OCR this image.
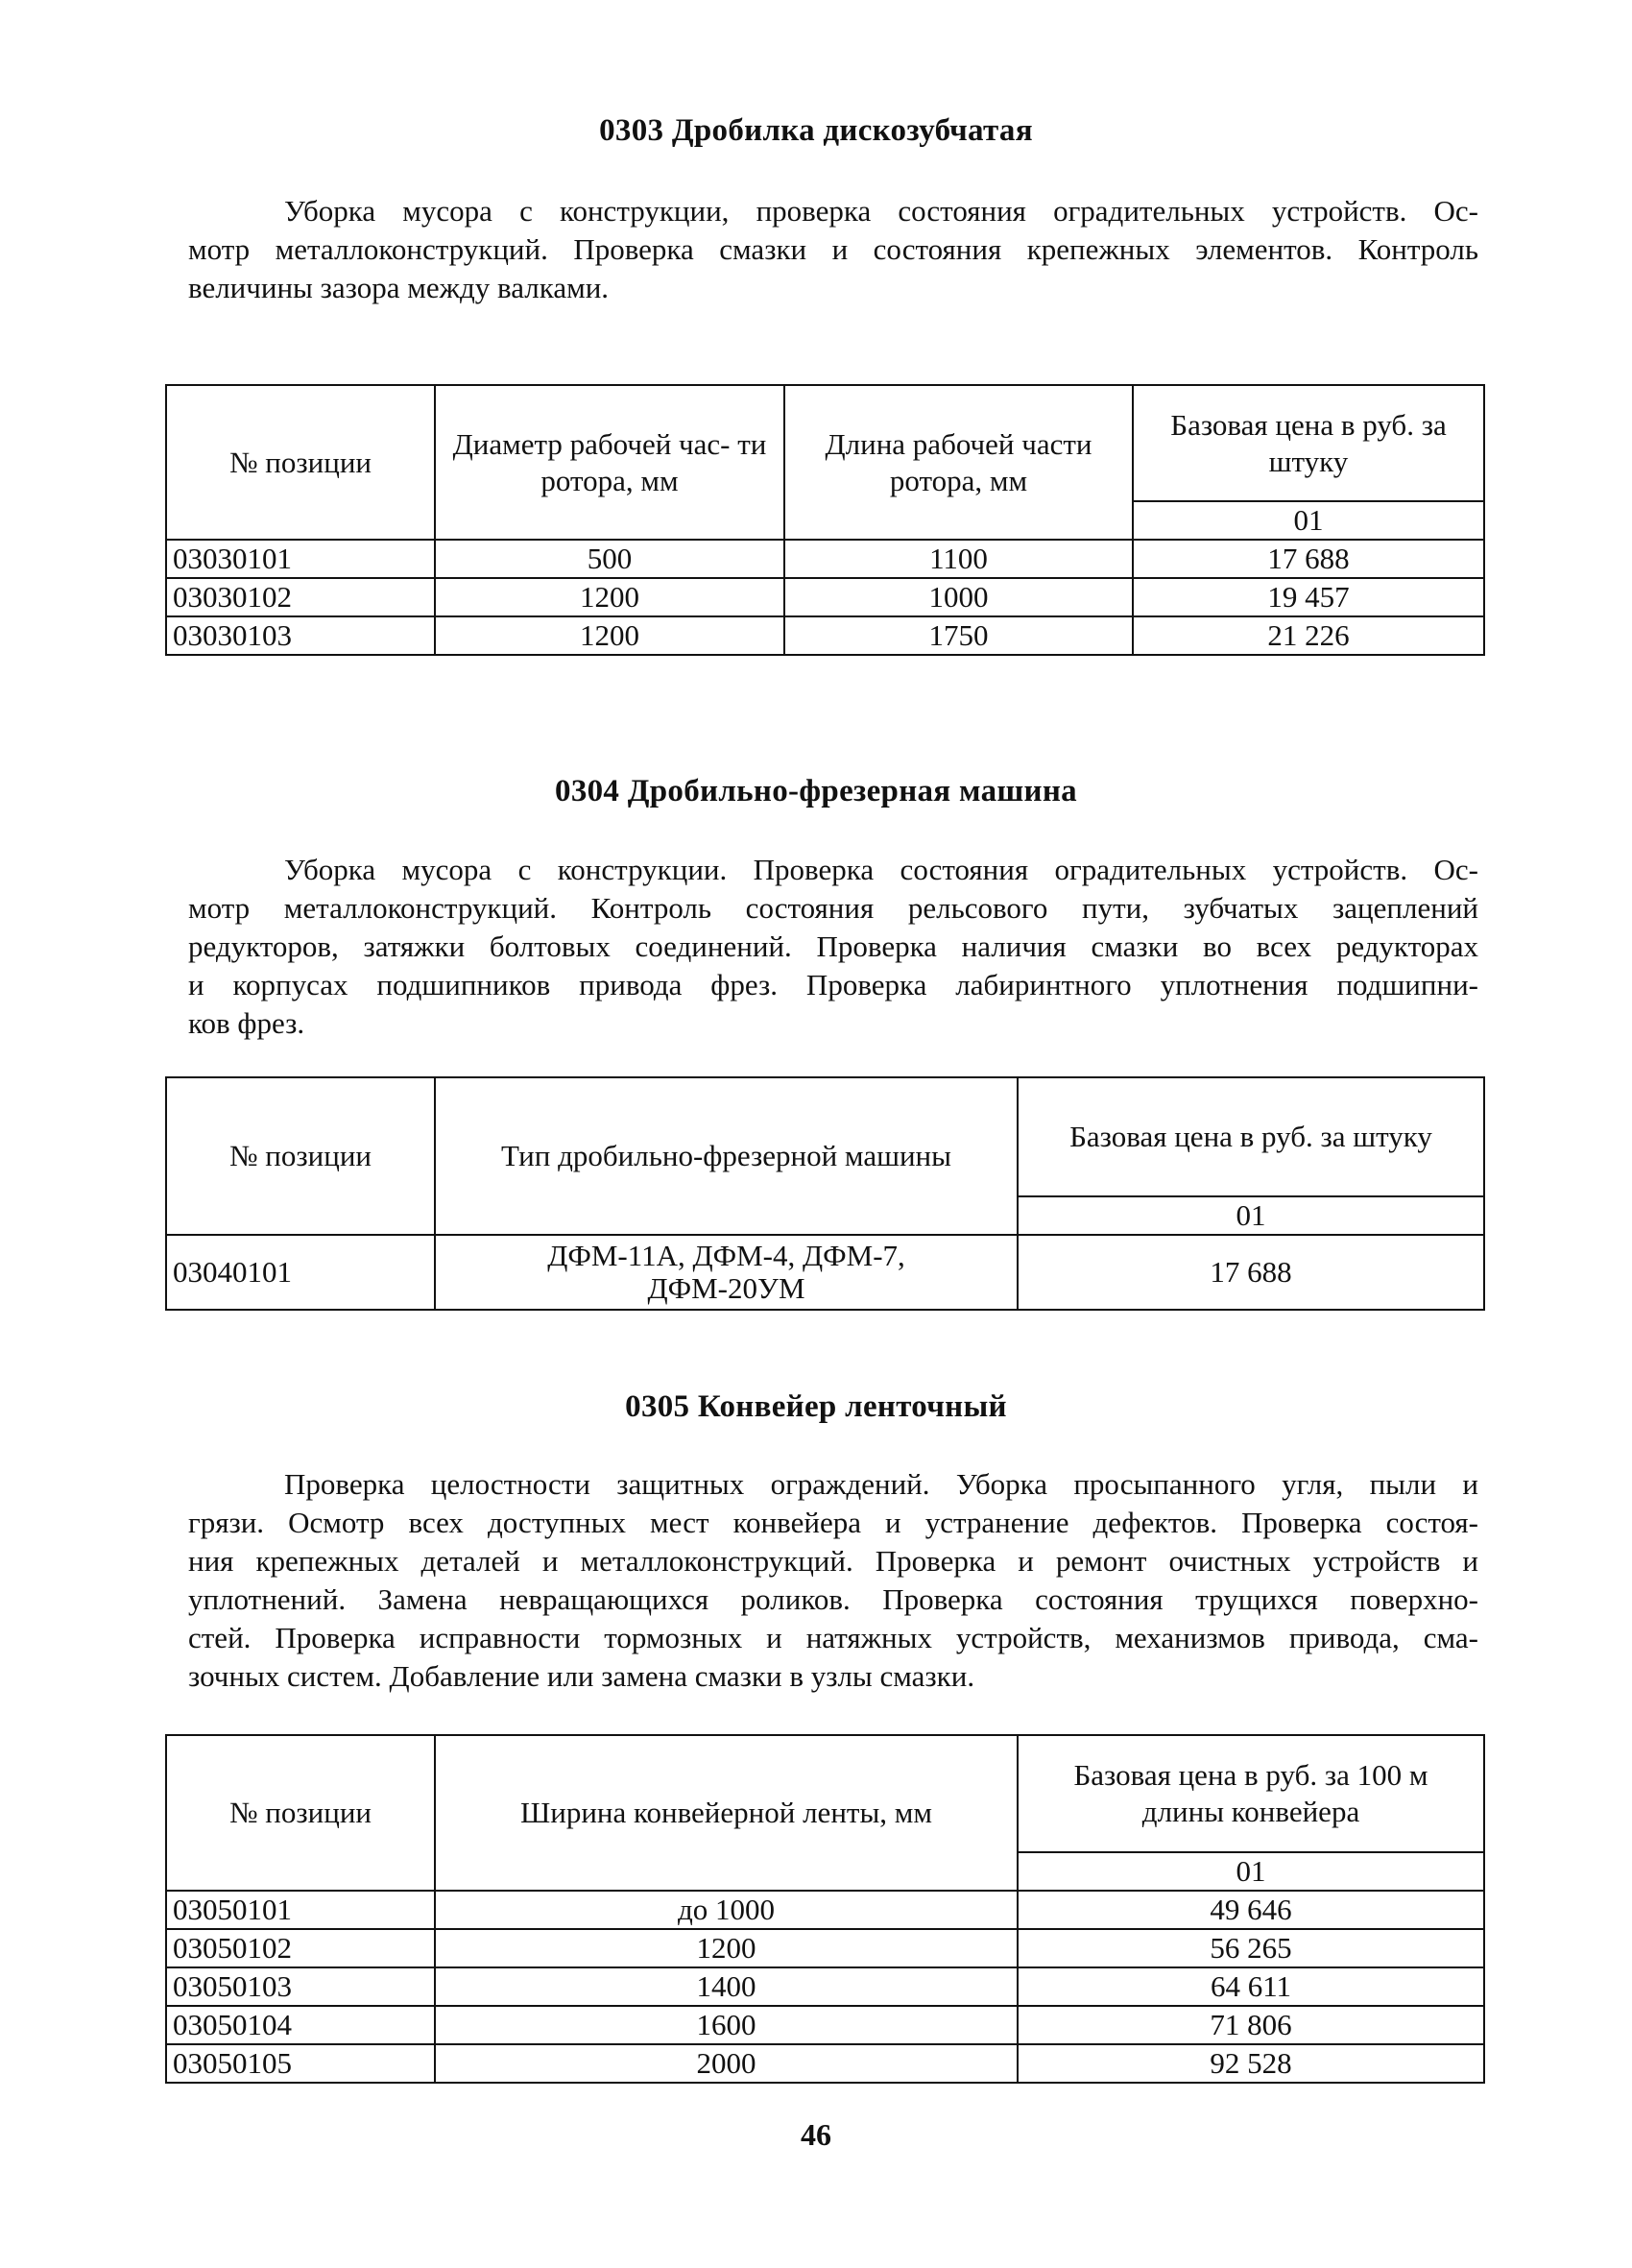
0303 Дробилка дискозубчатая
Уборка мусора с конструкции, проверка состояния оградительных устройств. Ос-
мотр металлоконструкций. Проверка смазки и состояния крепежных элементов. Контроль
величины зазора между валками.
№ позиции	Диаметр рабочей час- ти ротора, мм	Длина рабочей части ротора, мм	Базовая цена в руб. за штуку
			01
03030101	500	1100	17 688
03030102	1200	1000	19 457
03030103	1200	1750	21 226
0304 Дробильно-фрезерная машина
Уборка мусора с конструкции. Проверка состояния оградительных устройств. Ос-
мотр металлоконструкций. Контроль состояния рельсового пути, зубчатых зацеплений
редукторов, затяжки болтовых соединений. Проверка наличия смазки во всех редукторах
и корпусах подшипников привода фрез. Проверка лабиринтного уплотнения подшипни-
ков фрез.
№ позиции	Тип дробильно-фрезерной машины	Базовая цена в руб. за штуку
		01
03040101	ДФМ-11А, ДФМ-4, ДФМ-7, ДФМ-20УМ	17 688
0305 Конвейер ленточный
Проверка целостности защитных ограждений. Уборка просыпанного угля, пыли и
грязи. Осмотр всех доступных мест конвейера и устранение дефектов. Проверка состоя-
ния крепежных деталей и металлоконструкций. Проверка и ремонт очистных устройств и
уплотнений. Замена невращающихся роликов. Проверка состояния трущихся поверхно-
стей. Проверка исправности тормозных и натяжных устройств, механизмов привода, сма-
зочных систем. Добавление или замена смазки в узлы смазки.
№ позиции	Ширина конвейерной ленты, мм	Базовая цена в руб. за 100 м длины конвейера
		01
03050101	до 1000	49 646
03050102	1200	56 265
03050103	1400	64 611
03050104	1600	71 806
03050105	2000	92 528
46
